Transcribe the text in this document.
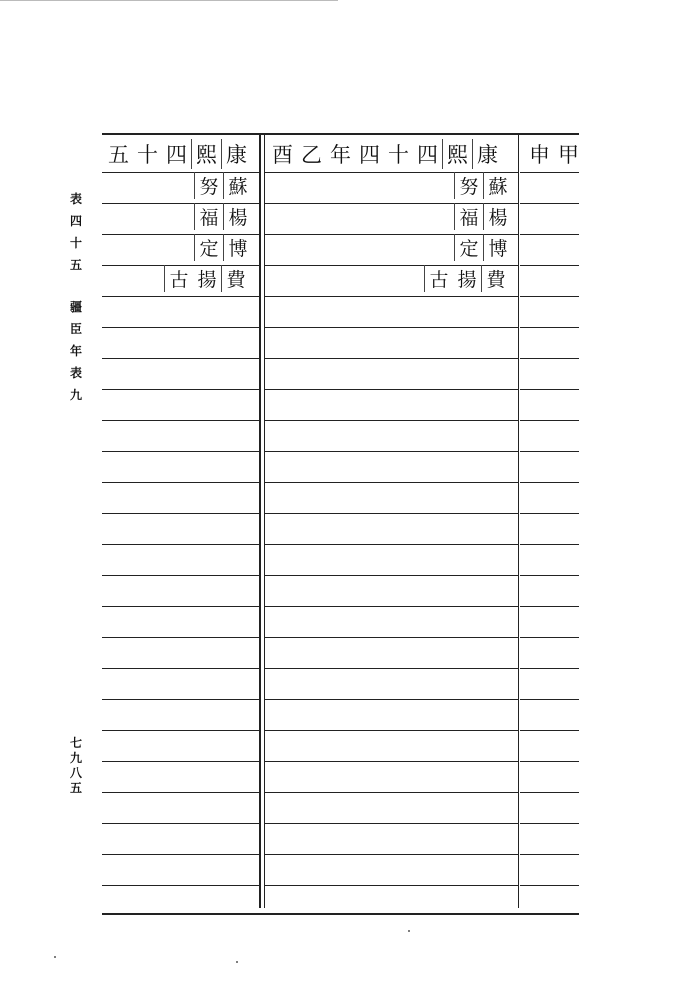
表
四
十
五
疆
臣
年
表
九
七
九
八
五
五 十 四 熙 康 酉 乙 年 四 十 四 熙 康 申 甲
努 蘇
福 楊
定 博
古 揚 費
努 蘇
福 楊
定 博
古 揚 費
